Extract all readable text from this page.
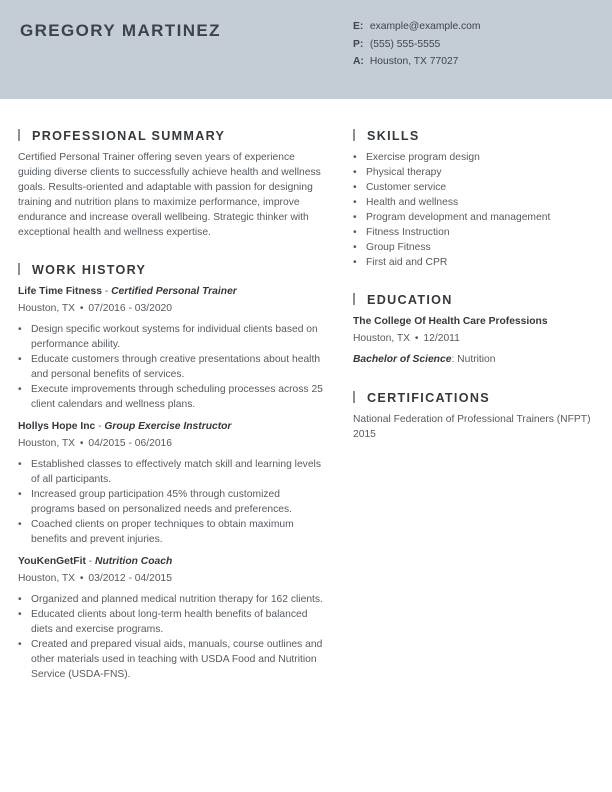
GREGORY MARTINEZ	E: example@example.com
P: (555) 555-5555
A: Houston, TX 77027
PROFESSIONAL SUMMARY
Certified Personal Trainer offering seven years of experience guiding diverse clients to successfully achieve health and wellness goals. Results-oriented and adaptable with passion for designing training and nutrition plans to maximize performance, improve endurance and increase overall wellbeing. Strategic thinker with exceptional health and wellness expertise.
WORK HISTORY
Life Time Fitness - Certified Personal Trainer
Houston, TX • 07/2016 - 03/2020
• Design specific workout systems for individual clients based on performance ability.
• Educate customers through creative presentations about health and personal benefits of services.
• Execute improvements through scheduling processes across 25 client calendars and wellness plans.
Hollys Hope Inc - Group Exercise Instructor
Houston, TX • 04/2015 - 06/2016
• Established classes to effectively match skill and learning levels of all participants.
• Increased group participation 45% through customized programs based on personalized needs and preferences.
• Coached clients on proper techniques to obtain maximum benefits and prevent injuries.
YouKenGetFit - Nutrition Coach
Houston, TX • 03/2012 - 04/2015
• Organized and planned medical nutrition therapy for 162 clients.
• Educated clients about long-term health benefits of balanced diets and exercise programs.
• Created and prepared visual aids, manuals, course outlines and other materials used in teaching with USDA Food and Nutrition Service (USDA-FNS).
SKILLS
• Exercise program design
• Physical therapy
• Customer service
• Health and wellness
• Program development and management
• Fitness Instruction
• Group Fitness
• First aid and CPR
EDUCATION
The College Of Health Care Professions
Houston, TX • 12/2011
Bachelor of Science: Nutrition
CERTIFICATIONS
National Federation of Professional Trainers (NFPT)
2015
